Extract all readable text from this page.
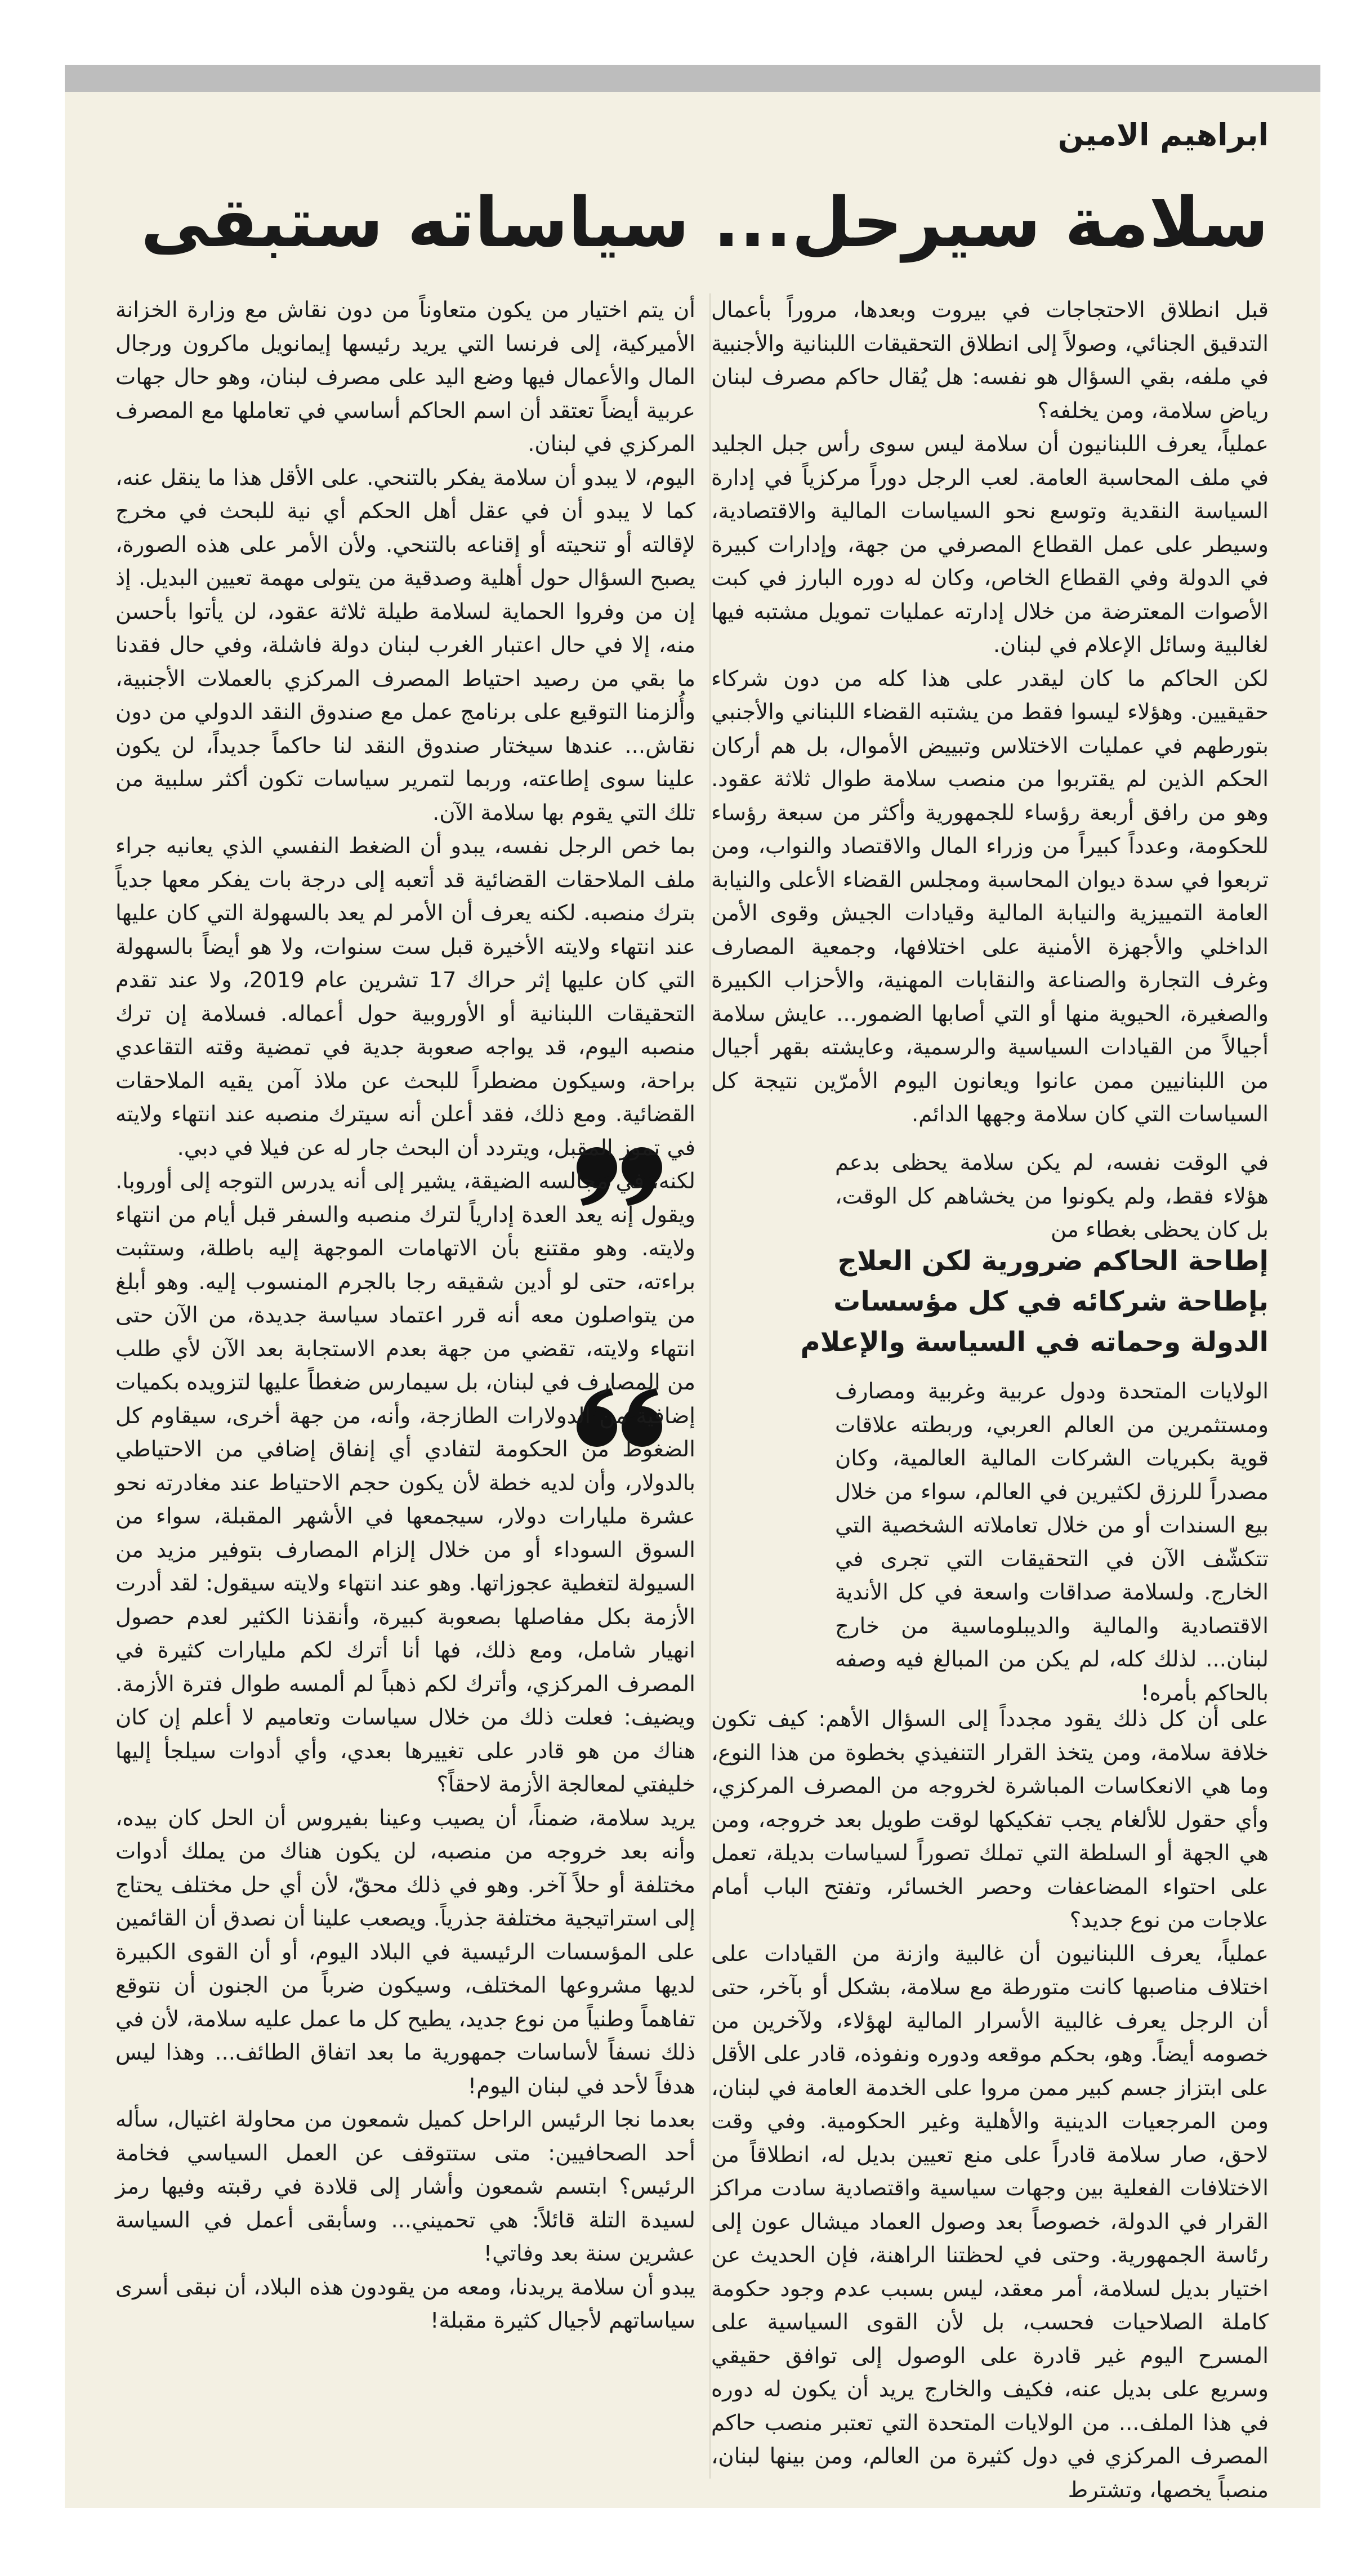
ابراهيم الامين
سلامة سيرحل... سياساته ستبقى

قبل انطلاق الاحتجاجات في بيروت وبعدها، مروراً بأعمال التدقيق الجنائي، وصولاً إلى انطلاق التحقيقات اللبنانية والأجنبية في ملفه، بقي السؤال هو نفسه: هل يُقال حاكم مصرف لبنان رياض سلامة، ومن يخلفه؟
عملياً، يعرف اللبنانيون أن سلامة ليس سوى رأس جبل الجليد في ملف المحاسبة العامة. لعب الرجل دوراً مركزياً في إدارة السياسة النقدية وتوسع نحو السياسات المالية والاقتصادية، وسيطر على عمل القطاع المصرفي من جهة، وإدارات كبيرة في الدولة وفي القطاع الخاص، وكان له دوره البارز في كبت الأصوات المعترضة من خلال إدارته عمليات تمويل مشتبه فيها لغالبية وسائل الإعلام في لبنان.
لكن الحاكم ما كان ليقدر على هذا كله من دون شركاء حقيقيين. وهؤلاء ليسوا فقط من يشتبه القضاء اللبناني والأجنبي بتورطهم في عمليات الاختلاس وتبييض الأموال، بل هم أركان الحكم الذين لم يقتربوا من منصب سلامة طوال ثلاثة عقود. وهو من رافق أربعة رؤساء للجمهورية وأكثر من سبعة رؤساء للحكومة، وعدداً كبيراً من وزراء المال والاقتصاد والنواب، ومن تربعوا في سدة ديوان المحاسبة ومجلس القضاء الأعلى والنيابة العامة التمييزية والنيابة المالية وقيادات الجيش وقوى الأمن الداخلي والأجهزة الأمنية على اختلافها، وجمعية المصارف وغرف التجارة والصناعة والنقابات المهنية، والأحزاب الكبيرة والصغيرة، الحيوية منها أو التي أصابها الضمور... عايش سلامة أجيالاً من القيادات السياسية والرسمية، وعايشته بقهر أجيال من اللبنانيين ممن عانوا ويعانون اليوم الأمرّين نتيجة كل السياسات التي كان سلامة وجهها الدائم.

في الوقت نفسه، لم يكن سلامة يحظى بدعم هؤلاء فقط، ولم يكونوا من يخشاهم كل الوقت، بل كان يحظى بغطاء من

إطاحة الحاكم ضرورية لكن العلاج بإطاحة شركائه في كل مؤسسات الدولة وحماته في السياسة والإعلام

الولايات المتحدة ودول عربية وغربية ومصارف ومستثمرين من العالم العربي، وربطته علاقات قوية بكبريات الشركات المالية العالمية، وكان مصدراً للرزق لكثيرين في العالم، سواء من خلال بيع السندات أو من خلال تعاملاته الشخصية التي تتكشّف الآن في التحقيقات التي تجرى في الخارج. ولسلامة صداقات واسعة في كل الأندية الاقتصادية والمالية والديبلوماسية من خارج لبنان... لذلك كله، لم يكن من المبالغ فيه وصفه بالحاكم بأمره!

على أن كل ذلك يقود مجدداً إلى السؤال الأهم: كيف تكون خلافة سلامة، ومن يتخذ القرار التنفيذي بخطوة من هذا النوع، وما هي الانعكاسات المباشرة لخروجه من المصرف المركزي، وأي حقول للألغام يجب تفكيكها لوقت طويل بعد خروجه، ومن هي الجهة أو السلطة التي تملك تصوراً لسياسات بديلة، تعمل على احتواء المضاعفات وحصر الخسائر، وتفتح الباب أمام علاجات من نوع جديد؟
عملياً، يعرف اللبنانيون أن غالبية وازنة من القيادات على اختلاف مناصبها كانت متورطة مع سلامة، بشكل أو بآخر، حتى أن الرجل يعرف غالبية الأسرار المالية لهؤلاء، ولآخرين من خصومه أيضاً. وهو، بحكم موقعه ودوره ونفوذه، قادر على الأقل على ابتزاز جسم كبير ممن مروا على الخدمة العامة في لبنان، ومن المرجعيات الدينية والأهلية وغير الحكومية. وفي وقت لاحق، صار سلامة قادراً على منع تعيين بديل له، انطلاقاً من الاختلافات الفعلية بين وجهات سياسية واقتصادية سادت مراكز القرار في الدولة، خصوصاً بعد وصول العماد ميشال عون إلى رئاسة الجمهورية. وحتى في لحظتنا الراهنة، فإن الحديث عن اختيار بديل لسلامة، أمر معقد، ليس بسبب عدم وجود حكومة كاملة الصلاحيات فحسب، بل لأن القوى السياسية على المسرح اليوم غير قادرة على الوصول إلى توافق حقيقي وسريع على بديل عنه، فكيف والخارج يريد أن يكون له دوره في هذا الملف... من الولايات المتحدة التي تعتبر منصب حاكم المصرف المركزي في دول كثيرة من العالم، ومن بينها لبنان، منصباً يخصها، وتشترط

أن يتم اختيار من يكون متعاوناً من دون نقاش مع وزارة الخزانة الأميركية، إلى فرنسا التي يريد رئيسها إيمانويل ماكرون ورجال المال والأعمال فيها وضع اليد على مصرف لبنان، وهو حال جهات عربية أيضاً تعتقد أن اسم الحاكم أساسي في تعاملها مع المصرف المركزي في لبنان.
اليوم، لا يبدو أن سلامة يفكر بالتنحي. على الأقل هذا ما ينقل عنه، كما لا يبدو أن في عقل أهل الحكم أي نية للبحث في مخرج لإقالته أو تنحيته أو إقناعه بالتنحي. ولأن الأمر على هذه الصورة، يصبح السؤال حول أهلية وصدقية من يتولى مهمة تعيين البديل. إذ إن من وفروا الحماية لسلامة طيلة ثلاثة عقود، لن يأتوا بأحسن منه، إلا في حال اعتبار الغرب لبنان دولة فاشلة، وفي حال فقدنا ما بقي من رصيد احتياط المصرف المركزي بالعملات الأجنبية، وأُلزمنا التوقيع على برنامج عمل مع صندوق النقد الدولي من دون نقاش... عندها سيختار صندوق النقد لنا حاكماً جديداً، لن يكون علينا سوى إطاعته، وربما لتمرير سياسات تكون أكثر سلبية من تلك التي يقوم بها سلامة الآن.
بما خص الرجل نفسه، يبدو أن الضغط النفسي الذي يعانيه جراء ملف الملاحقات القضائية قد أتعبه إلى درجة بات يفكر معها جدياً بترك منصبه. لكنه يعرف أن الأمر لم يعد بالسهولة التي كان عليها عند انتهاء ولايته الأخيرة قبل ست سنوات، ولا هو أيضاً بالسهولة التي كان عليها إثر حراك 17 تشرين عام 2019، ولا عند تقدم التحقيقات اللبنانية أو الأوروبية حول أعماله. فسلامة إن ترك منصبه اليوم، قد يواجه صعوبة جدية في تمضية وقته التقاعدي براحة، وسيكون مضطراً للبحث عن ملاذ آمن يقيه الملاحقات القضائية. ومع ذلك، فقد أعلن أنه سيترك منصبه عند انتهاء ولايته في تموز المقبل، ويتردد أن البحث جار له عن فيلا في دبي.
لكنه، في مجالسه الضيقة، يشير إلى أنه يدرس التوجه إلى أوروبا. ويقول إنه يعد العدة إدارياً لترك منصبه والسفر قبل أيام من انتهاء ولايته. وهو مقتنع بأن الاتهامات الموجهة إليه باطلة، وستثبت براءته، حتى لو أدين شقيقه رجا بالجرم المنسوب إليه. وهو أبلغ من يتواصلون معه أنه قرر اعتماد سياسة جديدة، من الآن حتى انتهاء ولايته، تقضي من جهة بعدم الاستجابة بعد الآن لأي طلب من المصارف في لبنان، بل سيمارس ضغطاً عليها لتزويده بكميات إضافية من الدولارات الطازجة، وأنه، من جهة أخرى، سيقاوم كل الضغوط من الحكومة لتفادي أي إنفاق إضافي من الاحتياطي بالدولار، وأن لديه خطة لأن يكون حجم الاحتياط عند مغادرته نحو عشرة مليارات دولار، سيجمعها في الأشهر المقبلة، سواء من السوق السوداء أو من خلال إلزام المصارف بتوفير مزيد من السيولة لتغطية عجوزاتها. وهو عند انتهاء ولايته سيقول: لقد أدرت الأزمة بكل مفاصلها بصعوبة كبيرة، وأنقذنا الكثير لعدم حصول انهيار شامل، ومع ذلك، فها أنا أترك لكم مليارات كثيرة في المصرف المركزي، وأترك لكم ذهباً لم ألمسه طوال فترة الأزمة. ويضيف: فعلت ذلك من خلال سياسات وتعاميم لا أعلم إن كان هناك من هو قادر على تغييرها بعدي، وأي أدوات سيلجأ إليها خليفتي لمعالجة الأزمة لاحقاً؟
يريد سلامة، ضمناً، أن يصيب وعينا بفيروس أن الحل كان بيده، وأنه بعد خروجه من منصبه، لن يكون هناك من يملك أدوات مختلفة أو حلاً آخر. وهو في ذلك محقّ، لأن أي حل مختلف يحتاج إلى استراتيجية مختلفة جذرياً. ويصعب علينا أن نصدق أن القائمين على المؤسسات الرئيسية في البلاد اليوم، أو أن القوى الكبيرة لديها مشروعها المختلف، وسيكون ضرباً من الجنون أن نتوقع تفاهماً وطنياً من نوع جديد، يطيح كل ما عمل عليه سلامة، لأن في ذلك نسفاً لأساسات جمهورية ما بعد اتفاق الطائف... وهذا ليس هدفاً لأحد في لبنان اليوم!
بعدما نجا الرئيس الراحل كميل شمعون من محاولة اغتيال، سأله أحد الصحافيين: متى ستتوقف عن العمل السياسي فخامة الرئيس؟ ابتسم شمعون وأشار إلى قلادة في رقبته وفيها رمز لسيدة التلة قائلاً: هي تحميني... وسأبقى أعمل في السياسة عشرين سنة بعد وفاتي!
يبدو أن سلامة يريدنا، ومعه من يقودون هذه البلاد، أن نبقى أسرى سياساتهم لأجيال كثيرة مقبلة!
